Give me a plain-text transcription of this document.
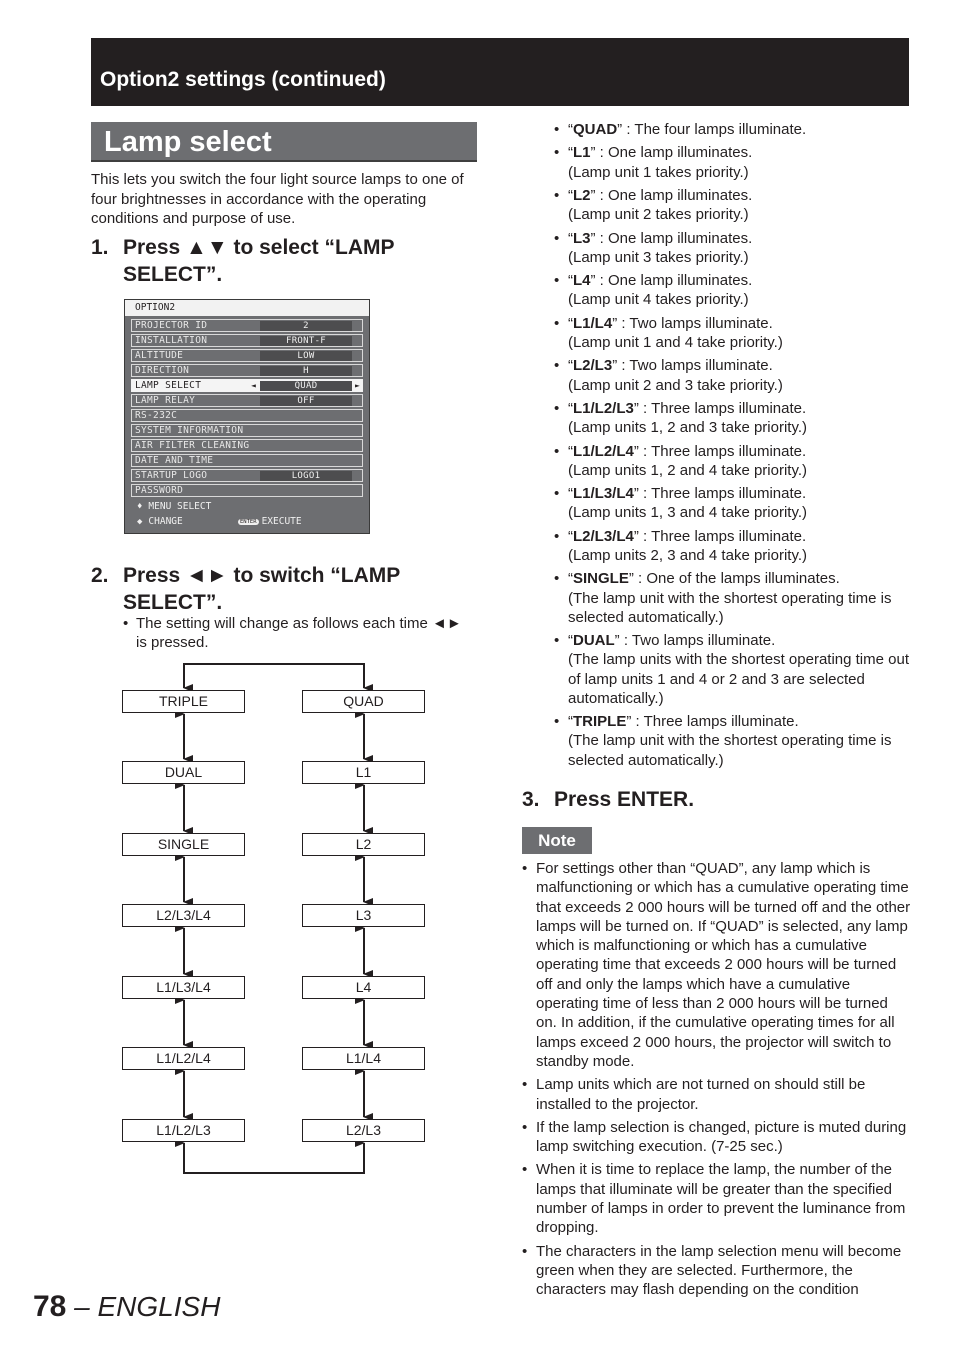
Option2 settings (continued)
Lamp select
This lets you switch the four light source lamps to one of four brightnesses in accordance with the operating conditions and purpose of use.
1. Press ▲▼ to select “LAMP
SELECT”.
OPTION2
PROJECTOR ID	2
INSTALLATION	FRONT-F
ALTITUDE	LOW
DIRECTION	H
LAMP SELECT	◄	QUAD	►
LAMP RELAY	OFF
RS-232C
SYSTEM INFORMATION
AIR FILTER CLEANING
DATE AND TIME
STARTUP LOGO	LOGO1
PASSWORD
♦ MENU SELECT
◆ CHANGE	ENTER EXECUTE
2. Press ◄► to switch “LAMP
SELECT”.
• The setting will change as follows each time ◄► is pressed.
TRIPLE
DUAL
SINGLE
L2/L3/L4
L1/L3/L4
L1/L2/L4
L1/L2/L3
QUAD
L1
L2
L3
L4
L1/L4
L2/L3
• “QUAD” : The four lamps illuminate.
• “L1” : One lamp illuminates.
(Lamp unit 1 takes priority.)
• “L2” : One lamp illuminates.
(Lamp unit 2 takes priority.)
• “L3” : One lamp illuminates.
(Lamp unit 3 takes priority.)
• “L4” : One lamp illuminates.
(Lamp unit 4 takes priority.)
• “L1/L4” : Two lamps illuminate.
(Lamp unit 1 and 4 take priority.)
• “L2/L3” : Two lamps illuminate.
(Lamp unit 2 and 3 take priority.)
• “L1/L2/L3” : Three lamps illuminate.
(Lamp units 1, 2 and 3 take priority.)
• “L1/L2/L4” : Three lamps illuminate.
(Lamp units 1, 2 and 4 take priority.)
• “L1/L3/L4” : Three lamps illuminate.
(Lamp units 1, 3 and 4 take priority.)
• “L2/L3/L4” : Three lamps illuminate.
(Lamp units 2, 3 and 4 take priority.)
• “SINGLE” : One of the lamps illuminates.
(The lamp unit with the shortest operating time is selected automatically.)
• “DUAL” : Two lamps illuminate.
(The lamp units with the shortest operating time out of lamp units 1 and 4 or 2 and 3 are selected automatically.)
• “TRIPLE” : Three lamps illuminate.
(The lamp unit with the shortest operating time is selected automatically.)
3. Press ENTER.
Note
• For settings other than “QUAD”, any lamp which is malfunctioning or which has a cumulative operating time that exceeds 2 000 hours will be turned off and the other lamps will be turned on. If “QUAD” is selected, any lamp which is malfunctioning or which has a cumulative operating time that exceeds 2 000 hours will be turned off and only the lamps which have a cumulative operating time of less than 2 000 hours will be turned on. In addition, if the cumulative operating times for all lamps exceed 2 000 hours, the projector will switch to standby mode.
• Lamp units which are not turned on should still be installed to the projector.
• If the lamp selection is changed, picture is muted during lamp switching execution. (7-25 sec.)
• When it is time to replace the lamp, the number of the lamps that illuminate will be greater than the specified number of lamps in order to prevent the luminance from dropping.
• The characters in the lamp selection menu will become green when they are selected. Furthermore, the characters may flash depending on the condition
78 – ENGLISH
